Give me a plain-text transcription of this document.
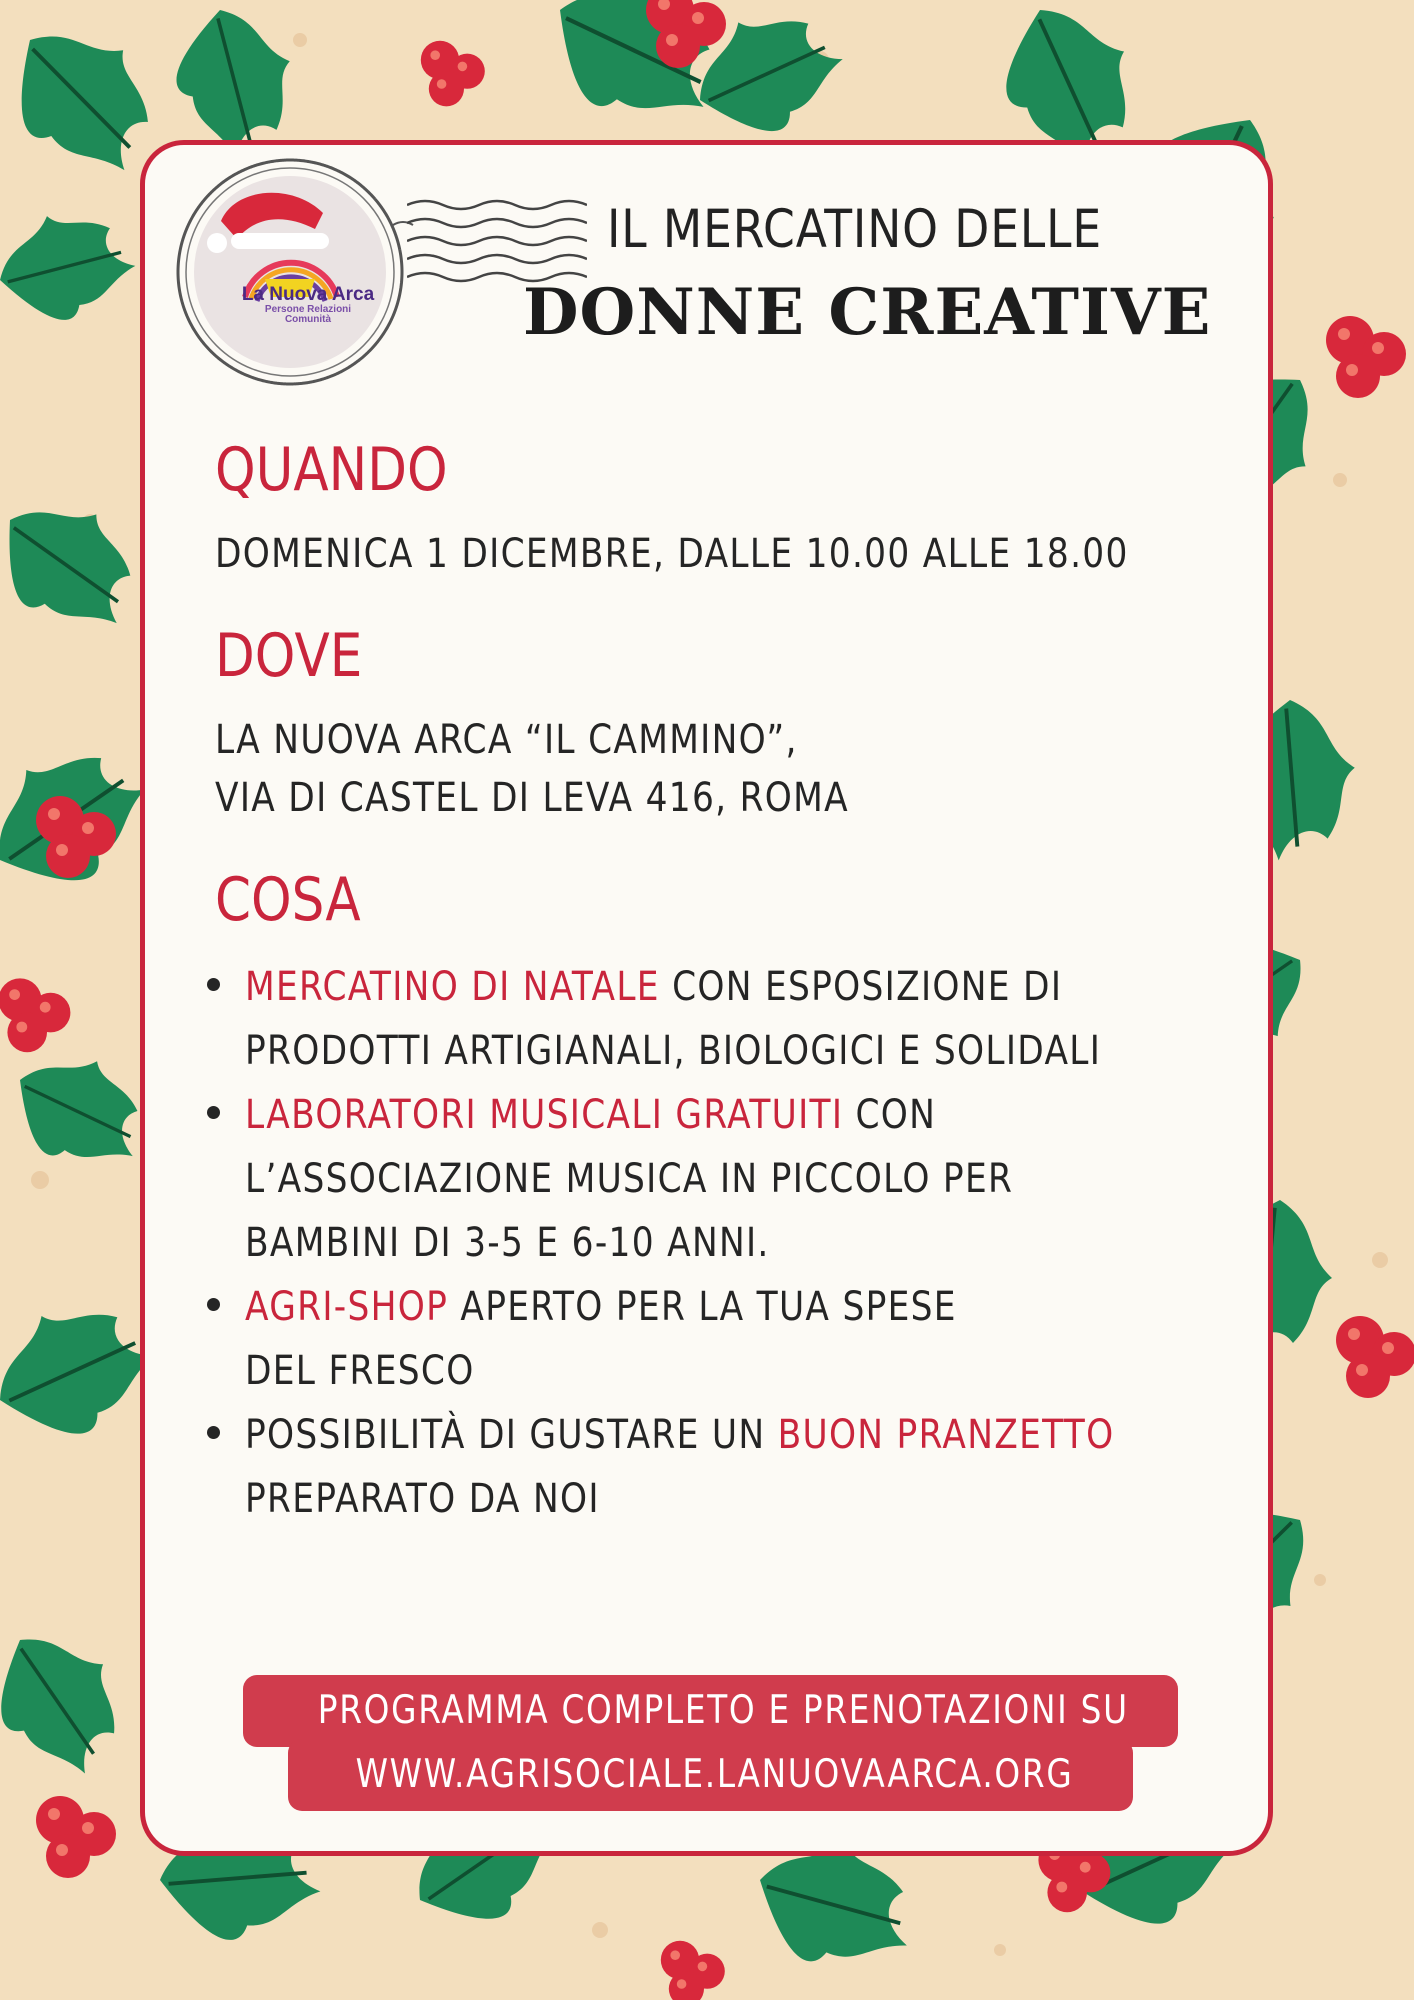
La Nuova Arca
Persone Relazioni
Comunità
IL MERCATINO DELLE
DONNE CREATIVE
QUANDO

DOMENICA 1 DICEMBRE, DALLE 10.00 ALLE 18.00

DOVE

LA NUOVA ARCA “IL CAMMINO”,

VIA DI CASTEL DI LEVA 416, ROMA

COSA
MERCATINO DI NATALE CON ESPOSIZIONE DI PRODOTTI ARTIGIANALI, BIOLOGICI E SOLIDALI
LABORATORI MUSICALI GRATUITI CON L’ASSOCIAZIONE MUSICA IN PICCOLO PER BAMBINI DI 3-5 E 6-10 ANNI.
AGRI-SHOP APERTO PER LA TUA SPESE DEL FRESCO
POSSIBILITÀ DI GUSTARE UN BUON PRANZETTO PREPARATO DA NOI
PROGRAMMA COMPLETO E PRENOTAZIONI SU
WWW.AGRISOCIALE.LANUOVAARCA.ORG
